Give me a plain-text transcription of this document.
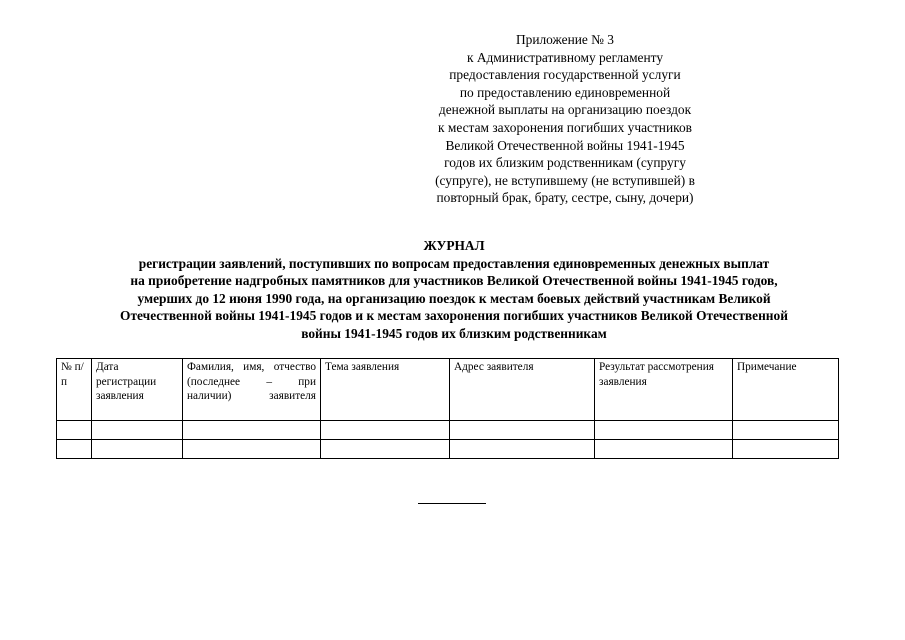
Приложение № 3
к Административному регламенту
предоставления государственной услуги
по предоставлению единовременной
денежной выплаты на организацию поездок
к местам захоронения погибших участников
Великой Отечественной войны 1941-1945
годов их близким родственникам (супругу
(супруге), не вступившему (не вступившей) в
повторный брак, брату, сестре, сыну, дочери)
ЖУРНАЛ
регистрации заявлений, поступивших по вопросам предоставления единовременных денежных выплат
на приобретение надгробных памятников для участников Великой Отечественной войны 1941-1945 годов,
умерших до 12 июня 1990 года, на организацию поездок к местам боевых действий участникам Великой
Отечественной войны 1941-1945 годов и к местам захоронения погибших участников Великой Отечественной
войны 1941-1945 годов их близким родственникам
№ п/п	Дата регистрации заявления	Фамилия, имя, отчество (последнее – при наличии) заявителя	Тема заявления	Адрес заявителя	Результат рассмотрения заявления	Примечание
